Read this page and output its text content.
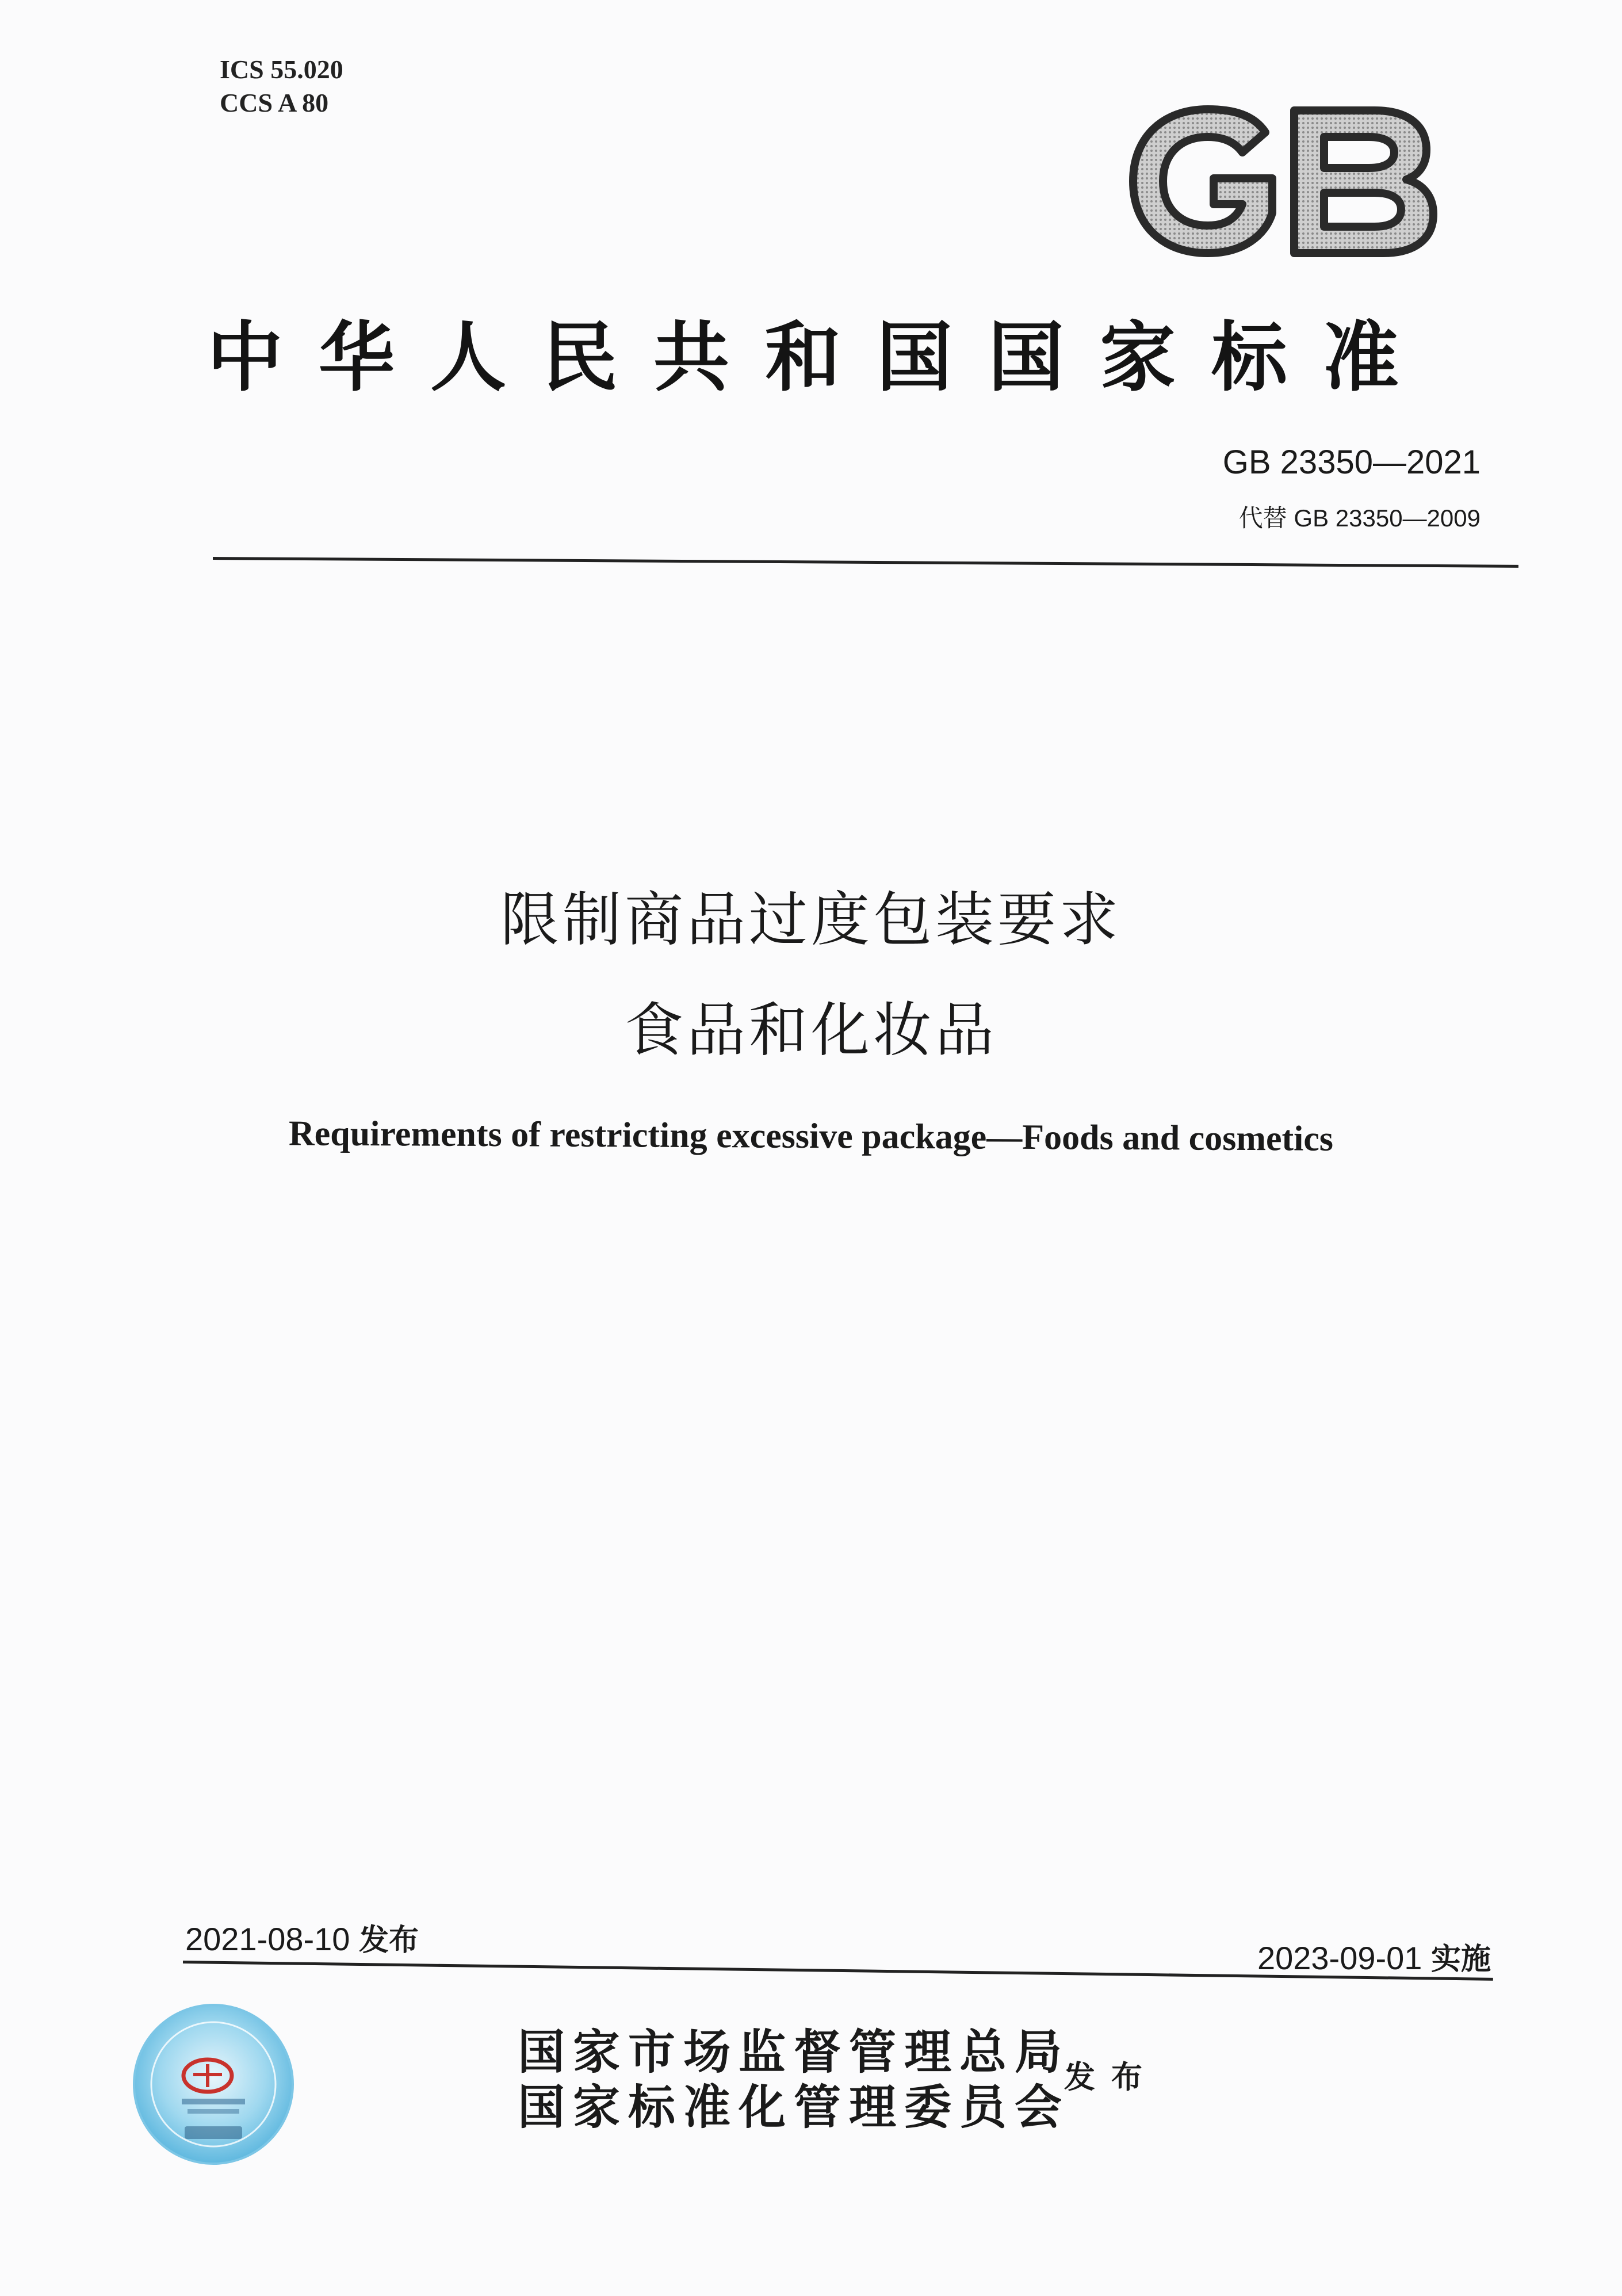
ICS 55.020
CCS A 80
中华人民共和国国家标准
GB 23350—2021
代替 GB 23350—2009
限制商品过度包装要求
食品和化妆品
Requirements of restricting excessive package—Foods and cosmetics
2021-08-10 发布	2023-09-01 实施
国家市场监督管理总局
国家标准化管理委员会
发布
